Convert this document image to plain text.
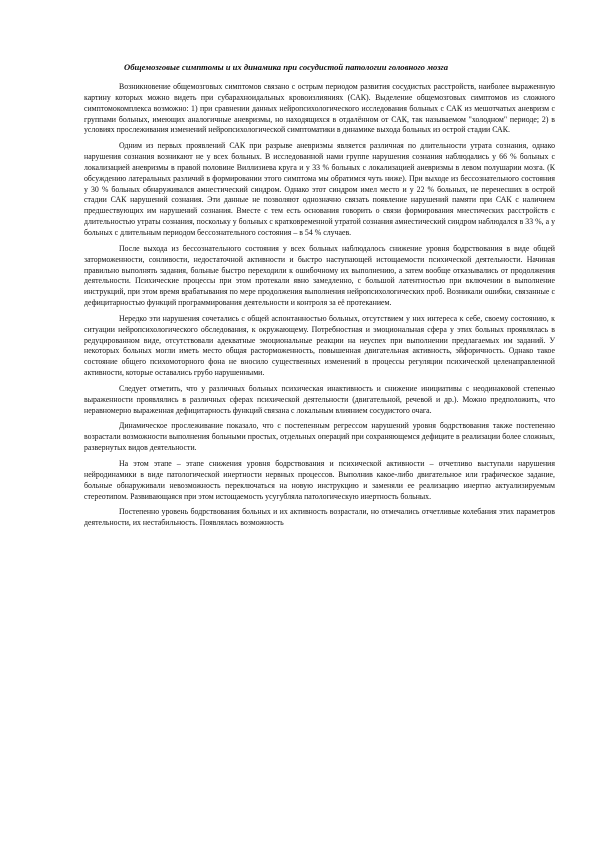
Общемозговые симптомы и их динамика при сосудистой патологии головного мозга

Возникновение общемозговых симптомов связано с острым периодом развития сосудистых расстройств, наиболее выраженную картину которых можно видеть при субарахноидальных кровоизлияниях (САК). Выделение общемозговых симптомов из сложного симптомокомплекса возможно: 1) при сравнении данных нейропсихологического исследования больных с САК из мешотчатых аневризм с группами больных, имеющих аналогичные аневризмы, но находящихся в отдалённом от САК, так называемом "холодном" периоде; 2) в условиях прослеживания изменений нейропсихологической симптоматики в динамике выхода больных из острой стадии САК.

Одним из первых проявлений САК при разрыве аневризмы является различная по длительности утрата сознания, однако нарушения сознания возникают не у всех больных. В исследованной нами группе нарушения сознания наблюдались у 66 % больных с локализацией аневризмы в правой половине Виллизиева круга и у 33 % больных с локализацией аневризмы в левом полушарии мозга. (К обсуждению латеральных различий в формировании этого симптома мы обратимся чуть ниже). При выходе из бессознательного состояния у 30 % больных обнаруживался амнестический синдром. Однако этот синдром имел место и у 22 % больных, не перенесших в острой стадии САК нарушений сознания. Эти данные не позволяют однозначно связать появление нарушений памяти при САК с наличием предшествующих им нарушений сознания. Вместе с тем есть основания говорить о связи формирования мнестических расстройств с длительностью утраты сознания, поскольку у больных с кратковременной утратой сознания амнестический синдром наблюдался в 33 %, а у больных с длительным периодом бессознательного состояния – в 54 % случаев.

После выхода из бессознательного состояния у всех больных наблюдалось снижение уровня бодрствования в виде общей заторможенности, сонливости, недостаточной активности и быстро наступающей истощаемости психической деятельности. Начиная правильно выполнять задания, больные быстро переходили к ошибочному их выполнению, а затем вообще отказывались от продолжения деятельности. Психические процессы при этом протекали явно замедленно, с большой латентностью при включении в выполнение инструкций, при этом время врабатывания по мере продолжения выполнения нейропсихологических проб. Возникали ошибки, связанные с дефицитарностью функций программирования деятельности и контроля за её протеканием.

Нередко эти нарушения сочетались с общей аспонтанностью больных, отсутствием у них интереса к себе, своему состоянию, к ситуации нейропсихологического обследования, к окружающему. Потребностная и эмоциональная сфера у этих больных проявлялась в редуцированном виде, отсутствовали адекватные эмоциональные реакции на неуспех при выполнении предлагаемых им заданий. У некоторых больных могли иметь место общая расторможенность, повышенная двигательная активность, эйфоричность. Однако такое состояние общего психомоторного фона не вносило существенных изменений в процессы регуляции психической целенаправленной активности, которые оставались грубо нарушенными.

Следует отметить, что у различных больных психическая инактивность и снижение инициативы с неодинаковой степенью выраженности проявлялись в различных сферах психической деятельности (двигательной, речевой и др.). Можно предположить, что неравномерно выраженная дефицитарность функций связана с локальным влиянием сосудистого очага.

Динамическое прослеживание показало, что с постепенным регрессом нарушений уровня бодрствования также постепенно возрастали возможности выполнения больными простых, отдельных операций при сохраняющемся дефиците в реализации более сложных, развернутых видов деятельности.

На этом этапе – этапе снижения уровня бодрствования и психической активности – отчетливо выступали нарушения нейродинамики в виде патологической инертности нервных процессов. Выполнив какое-либо двигательное или графическое задание, больные обнаруживали невозможность переключаться на новую инструкцию и заменяли ее реализацию инертно актуализируемым стереотипом. Развивающаяся при этом истощаемость усугубляла патологическую инертность больных.

Постепенно уровень бодрствования больных и их активность возрастали, но отмечались отчетливые колебания этих параметров деятельности, их нестабильность. Появлялась возможность
